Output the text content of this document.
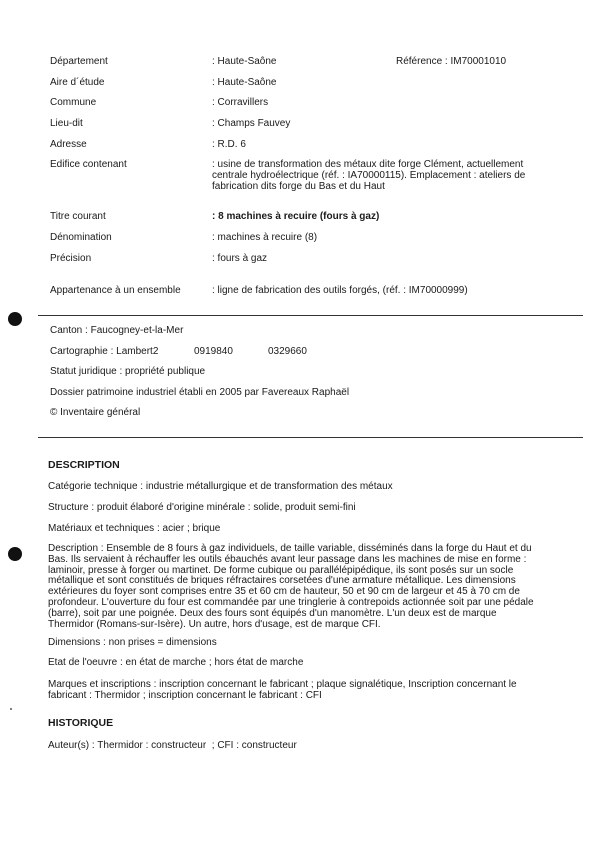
Département	: Haute-Saône	Référence : IM70001010
Aire d´étude	: Haute-Saône
Commune	: Corravillers
Lieu-dit	: Champs Fauvey
Adresse	: R.D. 6
Edifice contenant	: usine de transformation des métaux dite forge Clément, actuellement centrale hydroélectrique (réf. : IA70000115). Emplacement : ateliers de fabrication dits forge du Bas et du Haut
Titre courant	: 8 machines à recuire (fours à gaz)
Dénomination	: machines à recuire (8)
Précision	: fours à gaz
Appartenance à un ensemble	: ligne de fabrication des outils forgés, (réf. : IM70000999)
Canton : Faucogney-et-la-Mer
Cartographie : Lambert2	0919840	0329660
Statut juridique : propriété publique
Dossier patrimoine industriel établi en 2005 par Favereaux Raphaël
© Inventaire général
DESCRIPTION
Catégorie technique : industrie métallurgique et de transformation des métaux
Structure : produit élaboré d'origine minérale : solide, produit semi-fini
Matériaux et techniques : acier ; brique
Description : Ensemble de 8 fours à gaz individuels, de taille variable, disséminés dans la forge du Haut et du Bas. Ils servaient à réchauffer les outils ébauchés avant leur passage dans les machines de mise en forme : laminoir, presse à forger ou martinet. De forme cubique ou parallélépipédique, ils sont posés sur un socle métallique et sont constitués de briques réfractaires corsetées d'une armature métallique. Les dimensions extérieures du foyer sont comprises entre 35 et 60 cm de hauteur, 50 et 90 cm de largeur et 45 à 70 cm de profondeur. L'ouverture du four est commandée par une tringlerie à contrepoids actionnée soit par une pédale (barre), soit par une poignée. Deux des fours sont équipés d'un manomètre. L'un deux est de marque Thermidor (Romans-sur-Isère). Un autre, hors d'usage, est de marque CFI.
Dimensions : non prises = dimensions
Etat de l'oeuvre : en état de marche ; hors état de marche
Marques et inscriptions : inscription concernant le fabricant ; plaque signalétique, Inscription concernant le fabricant : Thermidor ; inscription concernant le fabricant : CFI
HISTORIQUE
Auteur(s) : Thermidor : constructeur  ; CFI : constructeur
